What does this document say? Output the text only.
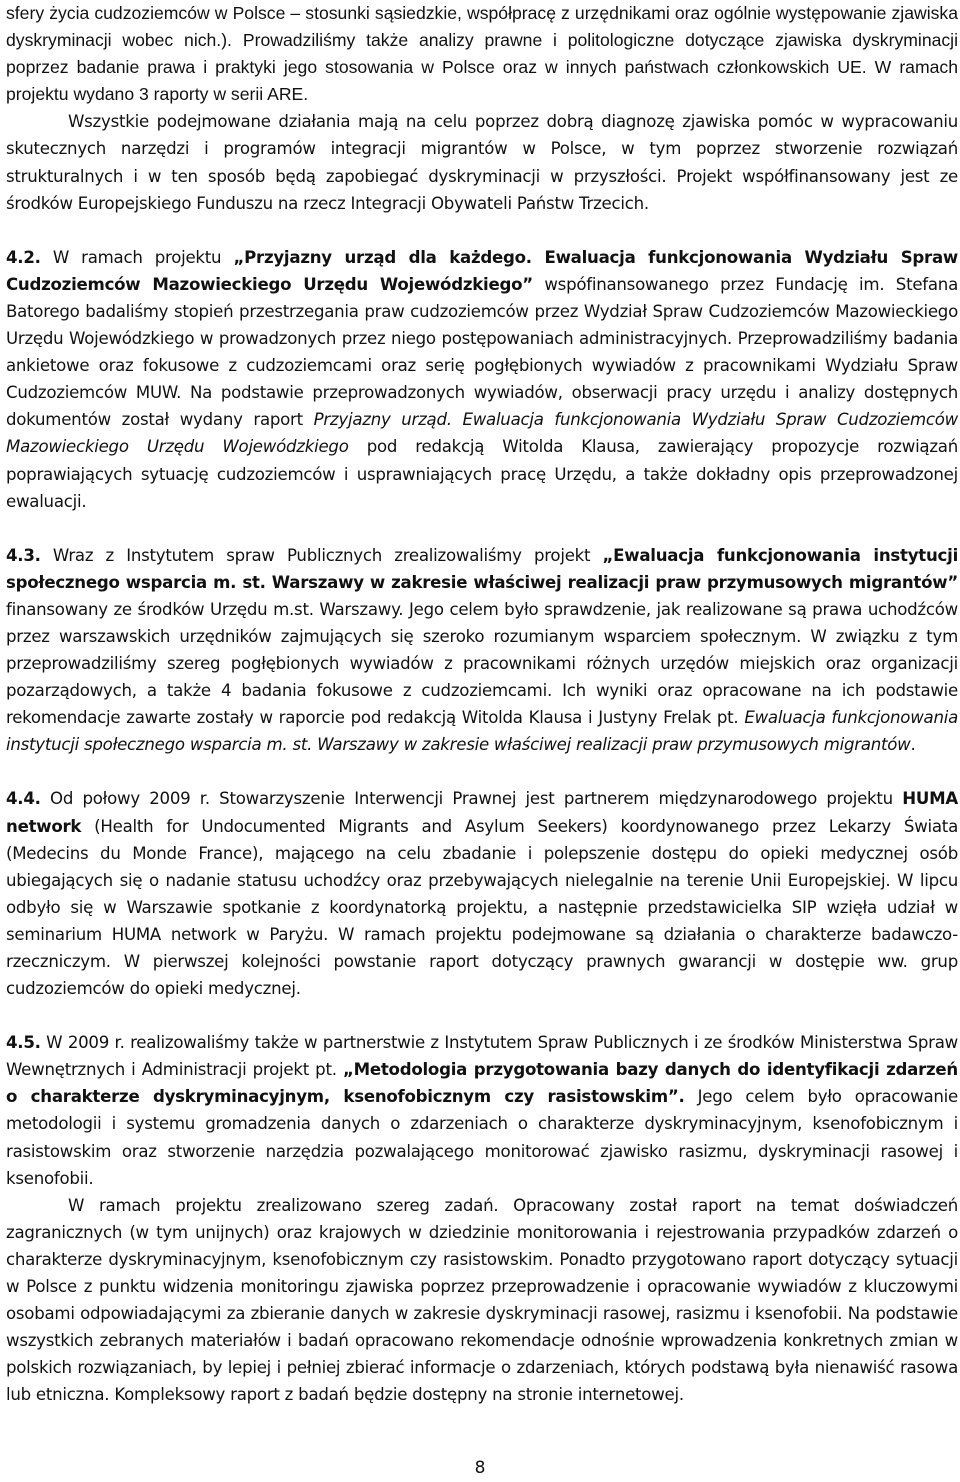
sfery życia cudzoziemców w Polsce – stosunki sąsiedzkie, współpracę z urzędnikami oraz ogólnie występowanie zjawiska dyskryminacji wobec nich.). Prowadziliśmy także analizy prawne i politologiczne dotyczące zjawiska dyskryminacji poprzez badanie prawa i praktyki jego stosowania w Polsce oraz w innych państwach członkowskich UE. W ramach projektu wydano 3 raporty w serii ARE.

Wszystkie podejmowane działania mają na celu poprzez dobrą diagnozę zjawiska pomóc w wypracowaniu skutecznych narzędzi i programów integracji migrantów w Polsce, w tym poprzez stworzenie rozwiązań strukturalnych i w ten sposób będą zapobiegać dyskryminacji w przyszłości. Projekt współfinansowany jest ze środków Europejskiego Funduszu na rzecz Integracji Obywateli Państw Trzecich.

4.2. W ramach projektu „Przyjazny urząd dla każdego. Ewaluacja funkcjonowania Wydziału Spraw Cudzoziemców Mazowieckiego Urzędu Wojewódzkiego” wspófinansowanego przez Fundację im. Stefana Batorego badaliśmy stopień przestrzegania praw cudzoziemców przez Wydział Spraw Cudzoziemców Mazowieckiego Urzędu Wojewódzkiego w prowadzonych przez niego postępowaniach administracyjnych. Przeprowadziliśmy badania ankietowe oraz fokusowe z cudzoziemcami oraz serię pogłębionych wywiadów z pracownikami Wydziału Spraw Cudzoziemców MUW. Na podstawie przeprowadzonych wywiadów, obserwacji pracy urzędu i analizy dostępnych dokumentów został wydany raport Przyjazny urząd. Ewaluacja funkcjonowania Wydziału Spraw Cudzoziemców Mazowieckiego Urzędu Wojewódzkiego pod redakcją Witolda Klausa, zawierający propozycje rozwiązań poprawiających sytuację cudzoziemców i usprawniających pracę Urzędu, a także dokładny opis przeprowadzonej ewaluacji.

4.3. Wraz z Instytutem spraw Publicznych zrealizowaliśmy projekt „Ewaluacja funkcjonowania instytucji społecznego wsparcia m. st. Warszawy w zakresie właściwej realizacji praw przymusowych migrantów” finansowany ze środków Urzędu m.st. Warszawy. Jego celem było sprawdzenie, jak realizowane są prawa uchodźców przez warszawskich urzędników zajmujących się szeroko rozumianym wsparciem społecznym. W związku z tym przeprowadziliśmy szereg pogłębionych wywiadów z pracownikami różnych urzędów miejskich oraz organizacji pozarządowych, a także 4 badania fokusowe z cudzoziemcami. Ich wyniki oraz opracowane na ich podstawie rekomendacje zawarte zostały w raporcie pod redakcją Witolda Klausa i Justyny Frelak pt. Ewaluacja funkcjonowania instytucji społecznego wsparcia m. st. Warszawy w zakresie właściwej realizacji praw przymusowych migrantów.

4.4. Od połowy 2009 r. Stowarzyszenie Interwencji Prawnej jest partnerem międzynarodowego projektu HUMA network (Health for Undocumented Migrants and Asylum Seekers) koordynowanego przez Lekarzy Świata (Medecins du Monde France), mającego na celu zbadanie i polepszenie dostępu do opieki medycznej osób ubiegających się o nadanie statusu uchodźcy oraz przebywających nielegalnie na terenie Unii Europejskiej. W lipcu odbyło się w Warszawie spotkanie z koordynatorką projektu, a następnie przedstawicielka SIP wzięła udział w seminarium HUMA network w Paryżu. W ramach projektu podejmowane są działania o charakterze badawczo-rzeczniczym. W pierwszej kolejności powstanie raport dotyczący prawnych gwarancji w dostępie ww. grup cudzoziemców do opieki medycznej.

4.5. W 2009 r. realizowaliśmy także w partnerstwie z Instytutem Spraw Publicznych i ze środków Ministerstwa Spraw Wewnętrznych i Administracji projekt pt. „Metodologia przygotowania bazy danych do identyfikacji zdarzeń o charakterze dyskryminacyjnym, ksenofobicznym czy rasistowskim”. Jego celem było opracowanie metodologii i systemu gromadzenia danych o zdarzeniach o charakterze dyskryminacyjnym, ksenofobicznym i rasistowskim oraz stworzenie narzędzia pozwalającego monitorować zjawisko rasizmu, dyskryminacji rasowej i ksenofobii.

W ramach projektu zrealizowano szereg zadań. Opracowany został raport na temat doświadczeń zagranicznych (w tym unijnych) oraz krajowych w dziedzinie monitorowania i rejestrowania przypadków zdarzeń o charakterze dyskryminacyjnym, ksenofobicznym czy rasistowskim. Ponadto przygotowano raport dotyczący sytuacji w Polsce z punktu widzenia monitoringu zjawiska poprzez przeprowadzenie i opracowanie wywiadów z kluczowymi osobami odpowiadającymi za zbieranie danych w zakresie dyskryminacji rasowej, rasizmu i ksenofobii. Na podstawie wszystkich zebranych materiałów i badań opracowano rekomendacje odnośnie wprowadzenia konkretnych zmian w polskich rozwiązaniach, by lepiej i pełniej zbierać informacje o zdarzeniach, których podstawą była nienawiść rasowa lub etniczna. Kompleksowy raport z badań będzie dostępny na stronie internetowej.

8
